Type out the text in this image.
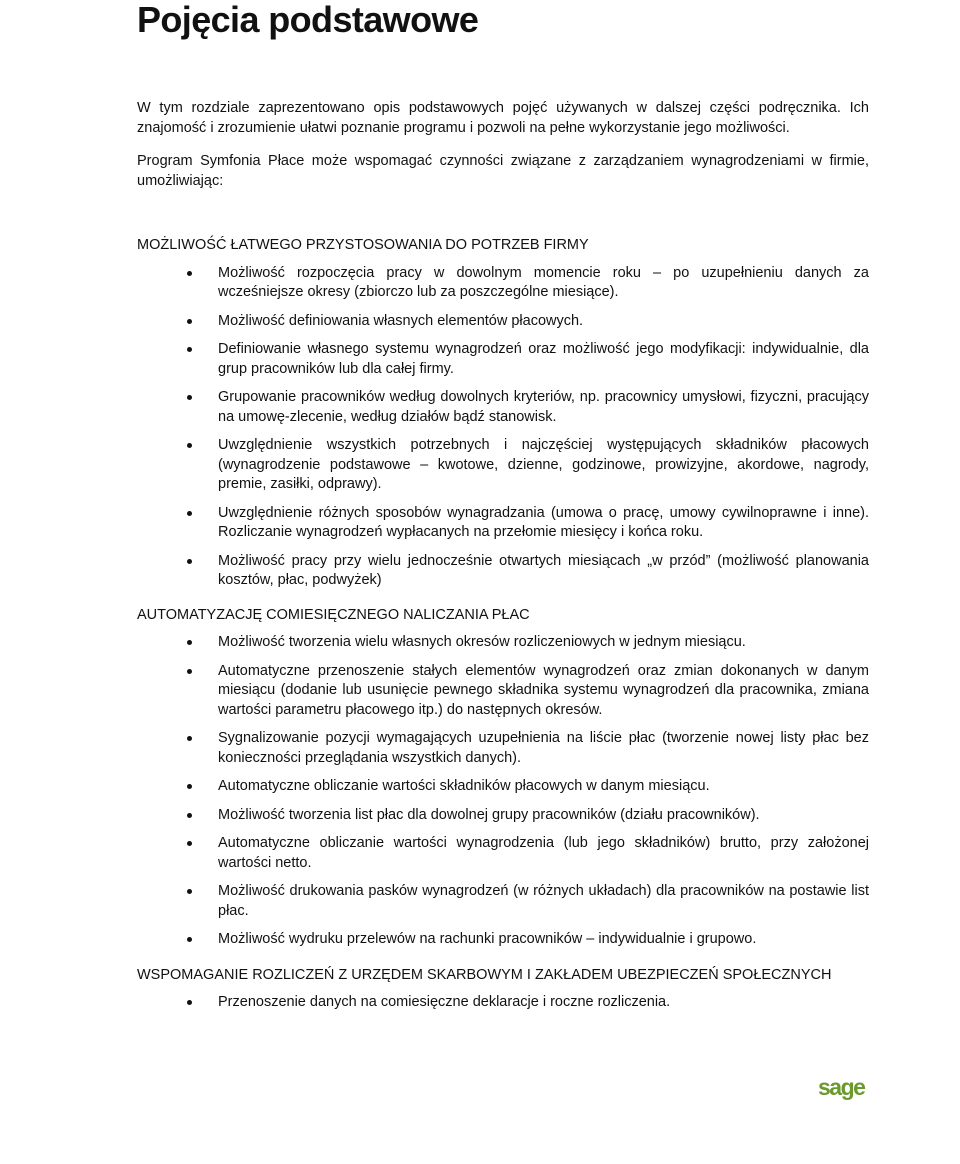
Pojęcia podstawowe

W tym rozdziale zaprezentowano opis podstawowych pojęć używanych w dalszej części podręcznika. Ich znajomość i zrozumienie ułatwi poznanie programu i pozwoli na pełne wykorzystanie jego możliwości.

Program Symfonia Płace może wspomagać czynności związane z zarządzaniem wynagrodzeniami w firmie, umożliwiając:

MOŻLIWOŚĆ ŁATWEGO PRZYSTOSOWANIA DO POTRZEB FIRMY
Możliwość rozpoczęcia pracy w dowolnym momencie roku – po uzupełnieniu danych za wcześniejsze okresy (zbiorczo lub za poszczególne miesiące).
Możliwość definiowania własnych elementów płacowych.
Definiowanie własnego systemu wynagrodzeń oraz możliwość jego modyfikacji: indywidualnie, dla grup pracowników lub dla całej firmy.
Grupowanie pracowników według dowolnych kryteriów, np. pracownicy umysłowi, fizyczni, pracujący na umowę-zlecenie, według działów bądź stanowisk.
Uwzględnienie wszystkich potrzebnych i najczęściej występujących składników płacowych (wynagrodzenie podstawowe – kwotowe, dzienne, godzinowe, prowizyjne, akordowe, nagrody, premie, zasiłki, odprawy).
Uwzględnienie różnych sposobów wynagradzania (umowa o pracę, umowy cywilnoprawne i inne). Rozliczanie wynagrodzeń wypłacanych na przełomie miesięcy i końca roku.
Możliwość pracy przy wielu jednocześnie otwartych miesiącach „w przód” (możliwość planowania kosztów, płac, podwyżek)
AUTOMATYZACJĘ COMIESIĘCZNEGO NALICZANIA PŁAC
Możliwość tworzenia wielu własnych okresów rozliczeniowych w jednym miesiącu.
Automatyczne przenoszenie stałych elementów wynagrodzeń oraz zmian dokonanych w danym miesiącu (dodanie lub usunięcie pewnego składnika systemu wynagrodzeń dla pracownika, zmiana wartości parametru płacowego itp.) do następnych okresów.
Sygnalizowanie pozycji wymagających uzupełnienia na liście płac (tworzenie nowej listy płac bez konieczności przeglądania wszystkich danych).
Automatyczne obliczanie wartości składników płacowych w danym miesiącu.
Możliwość tworzenia list płac dla dowolnej grupy pracowników (działu pracowników).
Automatyczne obliczanie wartości wynagrodzenia (lub jego składników) brutto, przy założonej wartości netto.
Możliwość drukowania pasków wynagrodzeń (w różnych układach) dla pracowników na postawie list płac.
Możliwość wydruku przelewów na rachunki pracowników – indywidualnie i grupowo.
WSPOMAGANIE ROZLICZEŃ Z URZĘDEM SKARBOWYM I ZAKŁADEM UBEZPIECZEŃ SPOŁECZNYCH
Przenoszenie danych na comiesięczne deklaracje i roczne rozliczenia.
sage
